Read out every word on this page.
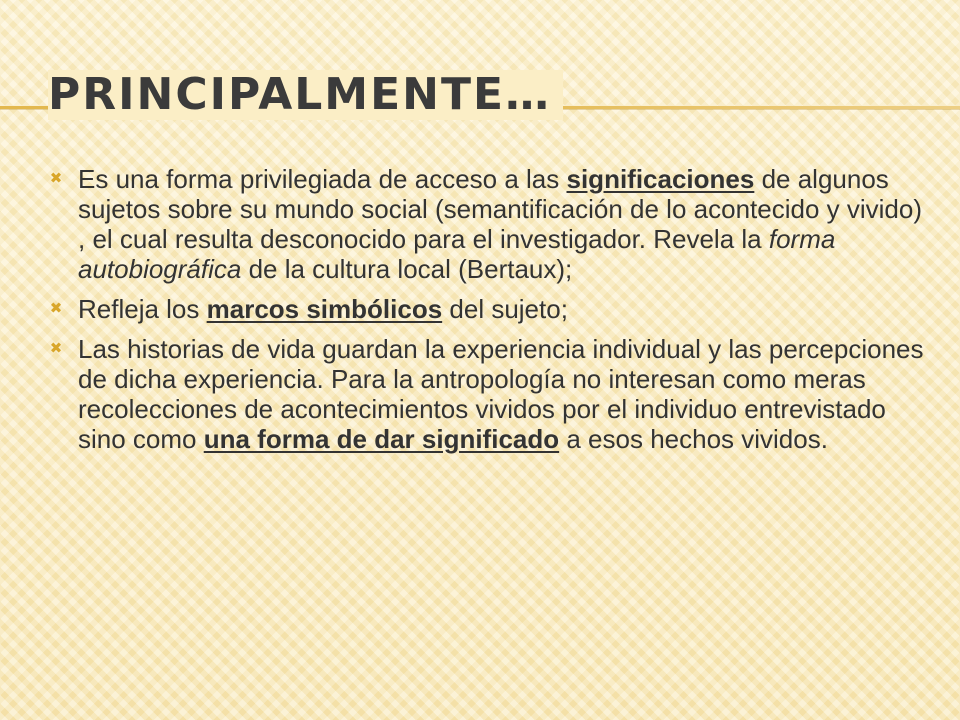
PRINCIPALMENTE…
✖ Es una forma privilegiada de acceso a las significaciones de algunos sujetos sobre su mundo social (semantificación de lo acontecido y vivido) , el cual resulta desconocido para el investigador. Revela la forma autobiográfica de la cultura local (Bertaux);
✖ Refleja los marcos simbólicos del sujeto;
✖ Las historias de vida guardan la experiencia individual y las percepciones de dicha experiencia. Para la antropología no interesan como meras recolecciones de acontecimientos vividos por el individuo entrevistado sino como una forma de dar significado a esos hechos vividos.
